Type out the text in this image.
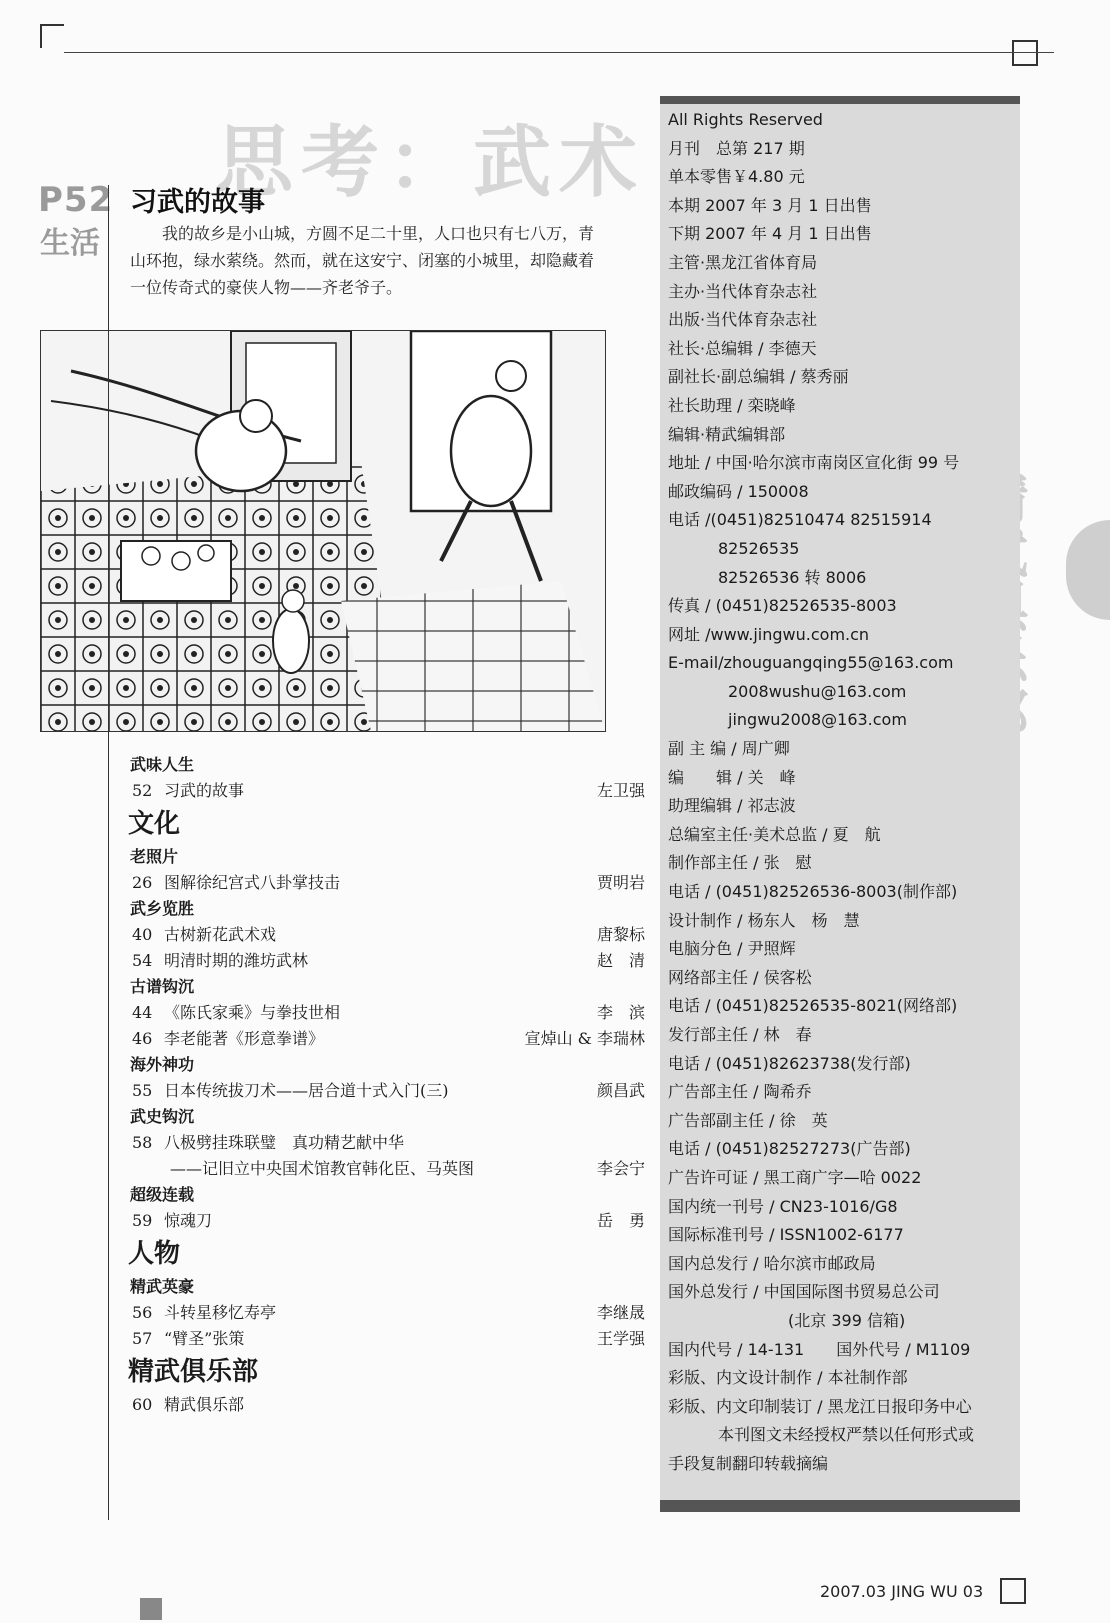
思考：武术
P52
生活
习武的故事
我的故乡是小山城，方圆不足二十里，人口也只有七八万，青山环抱，绿水萦绕。然而，就在这安宁、闭塞的小城里，却隐藏着一位传奇式的豪侠人物——齐老爷子。
武味人生
52 习武的故事	左卫强
文化
老照片
26 图解徐纪宫式八卦掌技击	贾明岩
武乡览胜
40 古树新花武术戏	唐黎标
54 明清时期的潍坊武林	赵　清
古谱钩沉
44 《陈氏家乘》与拳技世相	李　滨
46 李老能著《形意拳谱》	宣焯山 & 李瑞林
海外神功
55 日本传统拔刀术——居合道十式入门(三)	颜昌武
武史钩沉
58 八极劈挂珠联璧　真功精艺献中华
——记旧立中央国术馆教官韩化臣、马英图	李会宁
超级连载
59 惊魂刀	岳　勇
人物
精武英豪
56 斗转星移忆寿亭	李继晟
57 “臂圣”张策	王学强
精武俱乐部
60 精武俱乐部
All Rights Reserved
月刊　总第 217 期
单本零售￥4.80 元
本期 2007 年 3 月 1 日出售
下期 2007 年 4 月 1 日出售
主管·黑龙江省体育局
主办·当代体育杂志社
出版·当代体育杂志社
社长·总编辑 / 李德天
副社长·副总编辑 / 蔡秀丽
社长助理 / 栾晓峰
编辑·精武编辑部
地址 / 中国·哈尔滨市南岗区宣化街 99 号
邮政编码 / 150008
电话 /(0451)82510474 82515914
82526535
82526536 转 8006
传真 / (0451)82526535-8003
网址 /www.jingwu.com.cn
E-mail/zhouguangqing55@163.com
2008wushu@163.com
jingwu2008@163.com
副 主 编 / 周广卿
编　　辑 / 关　峰
助理编辑 / 祁志波
总编室主任·美术总监 / 夏　航
制作部主任 / 张　慰
电话 / (0451)82526536-8003(制作部)
设计制作 / 杨东人　杨　慧
电脑分色 / 尹照辉
网络部主任 / 侯客松
电话 / (0451)82526535-8021(网络部)
发行部主任 / 林　春
电话 / (0451)82623738(发行部)
广告部主任 / 陶希乔
广告部副主任 / 徐　英
电话 / (0451)82527273(广告部)
广告许可证 / 黑工商广字—哈 0022
国内统一刊号 / CN23-1016/G8
国际标准刊号 / ISSN1002-6177
国内总发行 / 哈尔滨市邮政局
国外总发行 / 中国国际图书贸易总公司
(北京 399 信箱)
国内代号 / 14-131　　国外代号 / M1109
彩版、内文设计制作 / 本社制作部
彩版、内文印制装订 / 黑龙江日报印务中心
本刊图文未经授权严禁以任何形式或
手段复制翻印转载摘编
2007.03 JING WU 03
